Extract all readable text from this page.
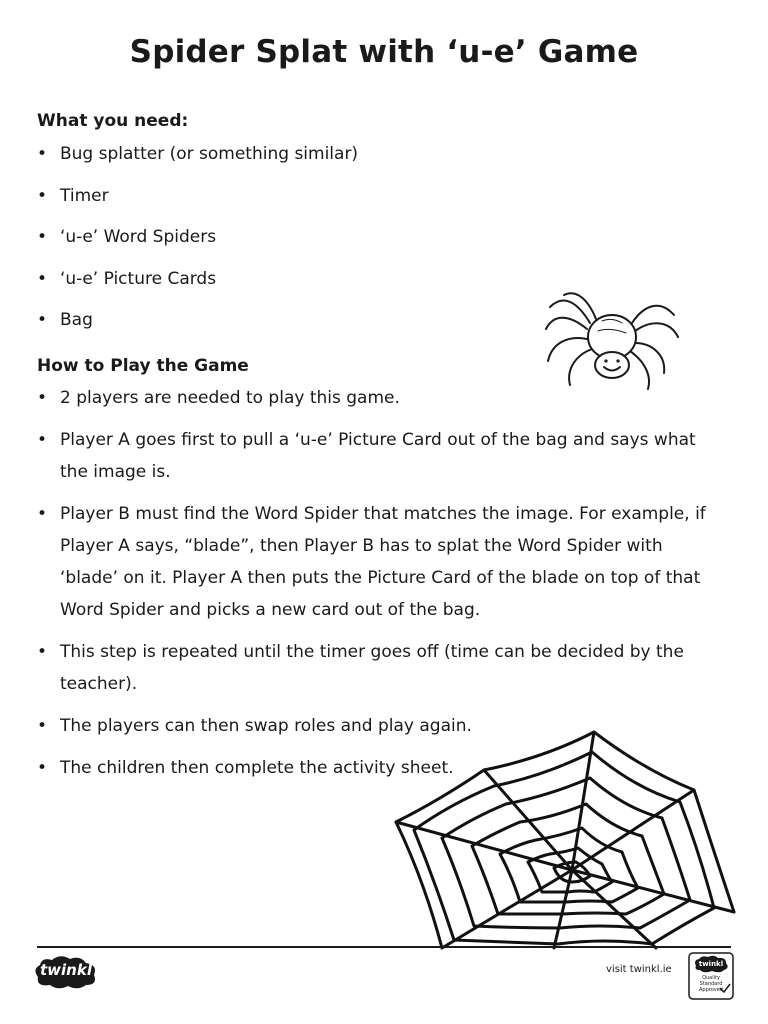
Spider Splat with ‘u-e’ Game
What you need:
• Bug splatter (or something similar)
• Timer
• ‘u-e’ Word Spiders
• ‘u-e’ Picture Cards
• Bag
How to Play the Game
• 2 players are needed to play this game.
• Player A goes first to pull a ‘u-e’ Picture Card out of the bag and says what the image is.
• Player B must find the Word Spider that matches the image. For example, if Player A says, “blade”, then Player B has to splat the Word Spider with ‘blade’ on it. Player A then puts the Picture Card of the blade on top of that Word Spider and picks a new card out of the bag.
• This step is repeated until the timer goes off (time can be decided by the teacher).
• The players can then swap roles and play again.
• The children then complete the activity sheet.
twinkl	visit twinkl.ie	twinkl
Quality Standard Approved
